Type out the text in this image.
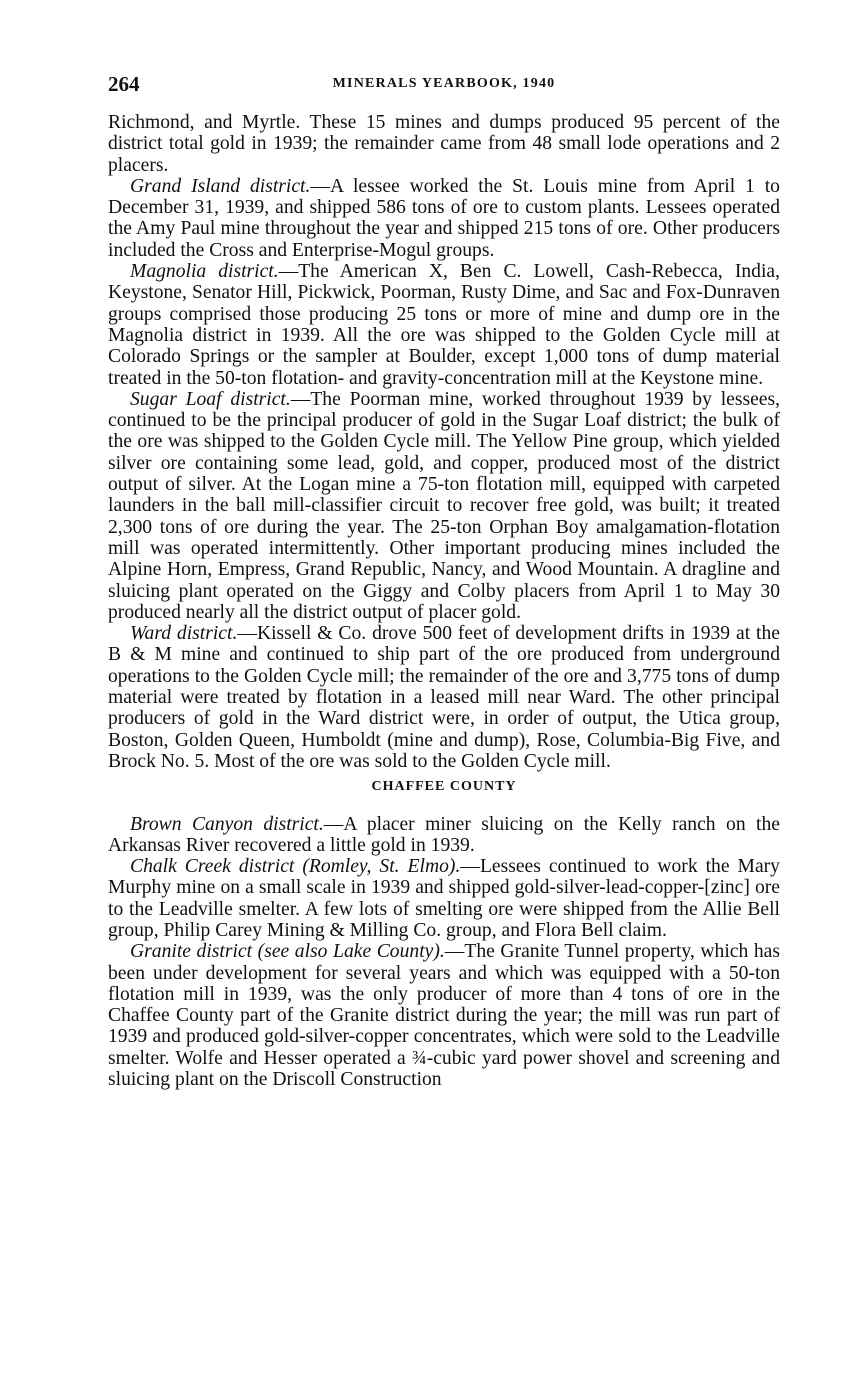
264	MINERALS YEARBOOK, 1940

Richmond, and Myrtle. These 15 mines and dumps produced 95 percent of the district total gold in 1939; the remainder came from 48 small lode operations and 2 placers.

Grand Island district.—A lessee worked the St. Louis mine from April 1 to December 31, 1939, and shipped 586 tons of ore to custom plants. Lessees operated the Amy Paul mine throughout the year and shipped 215 tons of ore. Other producers included the Cross and Enterprise-Mogul groups.

Magnolia district.—The American X, Ben C. Lowell, Cash-Rebecca, India, Keystone, Senator Hill, Pickwick, Poorman, Rusty Dime, and Sac and Fox-Dunraven groups comprised those producing 25 tons or more of mine and dump ore in the Magnolia district in 1939. All the ore was shipped to the Golden Cycle mill at Colorado Springs or the sampler at Boulder, except 1,000 tons of dump material treated in the 50-ton flotation- and gravity-concentration mill at the Keystone mine.

Sugar Loaf district.—The Poorman mine, worked throughout 1939 by lessees, continued to be the principal producer of gold in the Sugar Loaf district; the bulk of the ore was shipped to the Golden Cycle mill. The Yellow Pine group, which yielded silver ore containing some lead, gold, and copper, produced most of the district output of silver. At the Logan mine a 75-ton flotation mill, equipped with carpeted launders in the ball mill-classifier circuit to recover free gold, was built; it treated 2,300 tons of ore during the year. The 25-ton Orphan Boy amalgamation-flotation mill was operated intermittently. Other important producing mines included the Alpine Horn, Empress, Grand Republic, Nancy, and Wood Mountain. A dragline and sluicing plant operated on the Giggy and Colby placers from April 1 to May 30 produced nearly all the district output of placer gold.

Ward district.—Kissell & Co. drove 500 feet of development drifts in 1939 at the B & M mine and continued to ship part of the ore produced from underground operations to the Golden Cycle mill; the remainder of the ore and 3,775 tons of dump material were treated by flotation in a leased mill near Ward. The other principal producers of gold in the Ward district were, in order of output, the Utica group, Boston, Golden Queen, Humboldt (mine and dump), Rose, Columbia-Big Five, and Brock No. 5. Most of the ore was sold to the Golden Cycle mill.

CHAFFEE COUNTY

Brown Canyon district.—A placer miner sluicing on the Kelly ranch on the Arkansas River recovered a little gold in 1939.

Chalk Creek district (Romley, St. Elmo).—Lessees continued to work the Mary Murphy mine on a small scale in 1939 and shipped gold-silver-lead-copper-[zinc] ore to the Leadville smelter. A few lots of smelting ore were shipped from the Allie Bell group, Philip Carey Mining & Milling Co. group, and Flora Bell claim.

Granite district (see also Lake County).—The Granite Tunnel property, which has been under development for several years and which was equipped with a 50-ton flotation mill in 1939, was the only producer of more than 4 tons of ore in the Chaffee County part of the Granite district during the year; the mill was run part of 1939 and produced gold-silver-copper concentrates, which were sold to the Leadville smelter. Wolfe and Hesser operated a ¾-cubic yard power shovel and screening and sluicing plant on the Driscoll Construction
